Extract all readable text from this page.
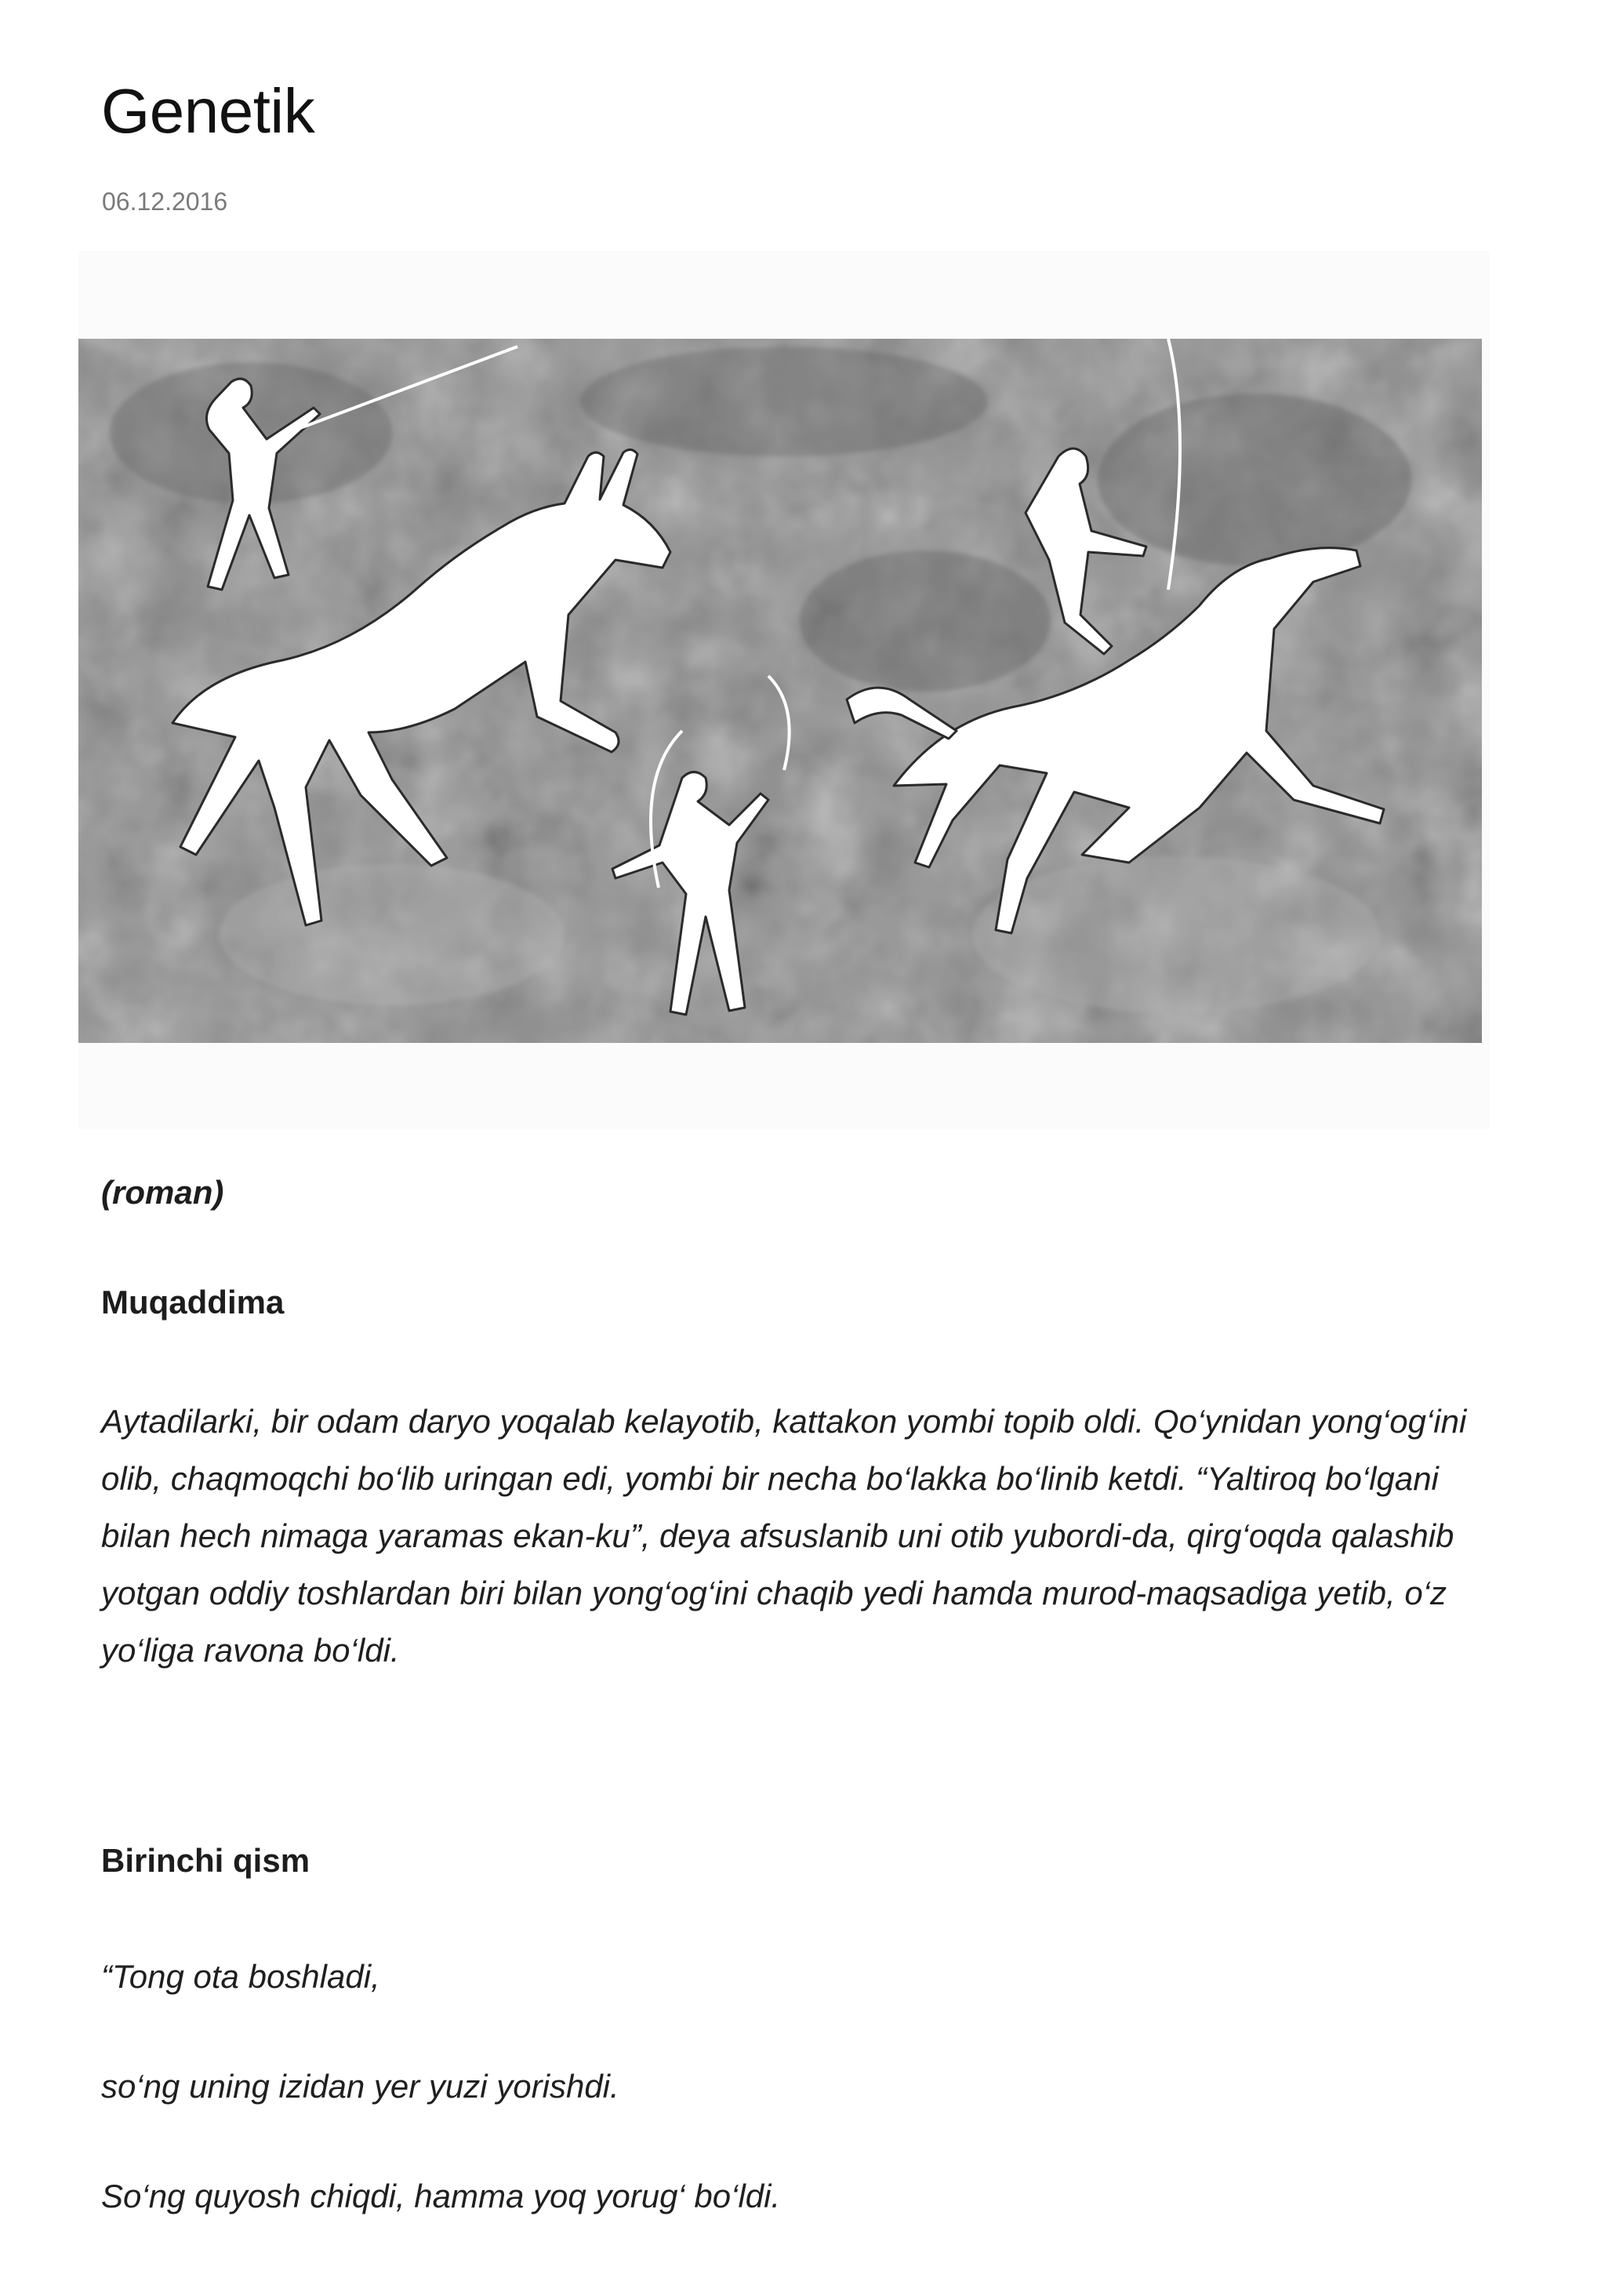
Genetik
06.12.2016
(roman)
Muqaddima

Aytadilarki, bir odam daryo yoqalab kelayotib, kattakon yombi topib oldi. Qo‘ynidan yong‘og‘ini

olib, chaqmoqchi bo‘lib uringan edi, yombi bir necha bo‘lakka bo‘linib ketdi. “Yaltiroq bo‘lgani

bilan hech nimaga yaramas ekan-ku”, deya afsuslanib uni otib yubordi-da, qirg‘oqda qalashib

yotgan oddiy toshlardan biri bilan yong‘og‘ini chaqib yedi hamda murod-maqsadiga yetib, o‘z

yo‘liga ravona bo‘ldi.

Birinchi qism

“Tong ota boshladi,

so‘ng uning izidan yer yuzi yorishdi.

So‘ng quyosh chiqdi, hamma yoq yorug‘ bo‘ldi.
